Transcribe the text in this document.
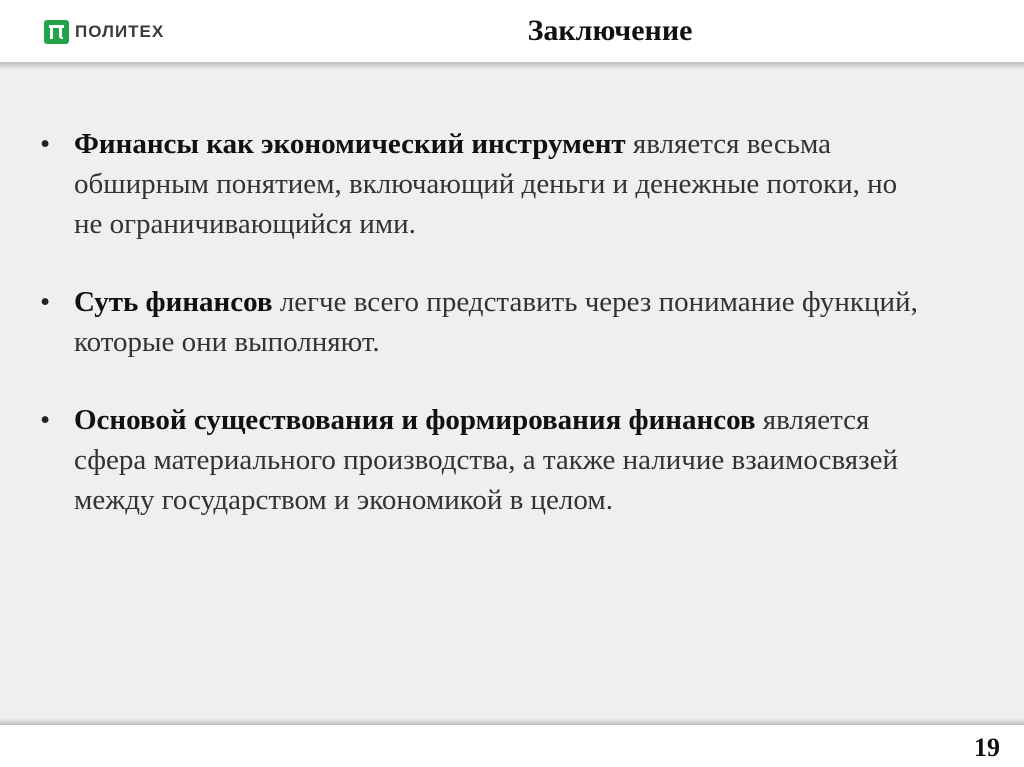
ПОЛИТЕХ	Заключение
• Финансы как экономический инструмент является весьма обширным понятием, включающий деньги и денежные потоки, но не ограничивающийся ими.
• Суть финансов легче всего представить через понимание функций, которые они выполняют.
• Основой существования и формирования финансов является сфера материального производства, а также наличие взаимосвязей между государством и экономикой в целом.
19
